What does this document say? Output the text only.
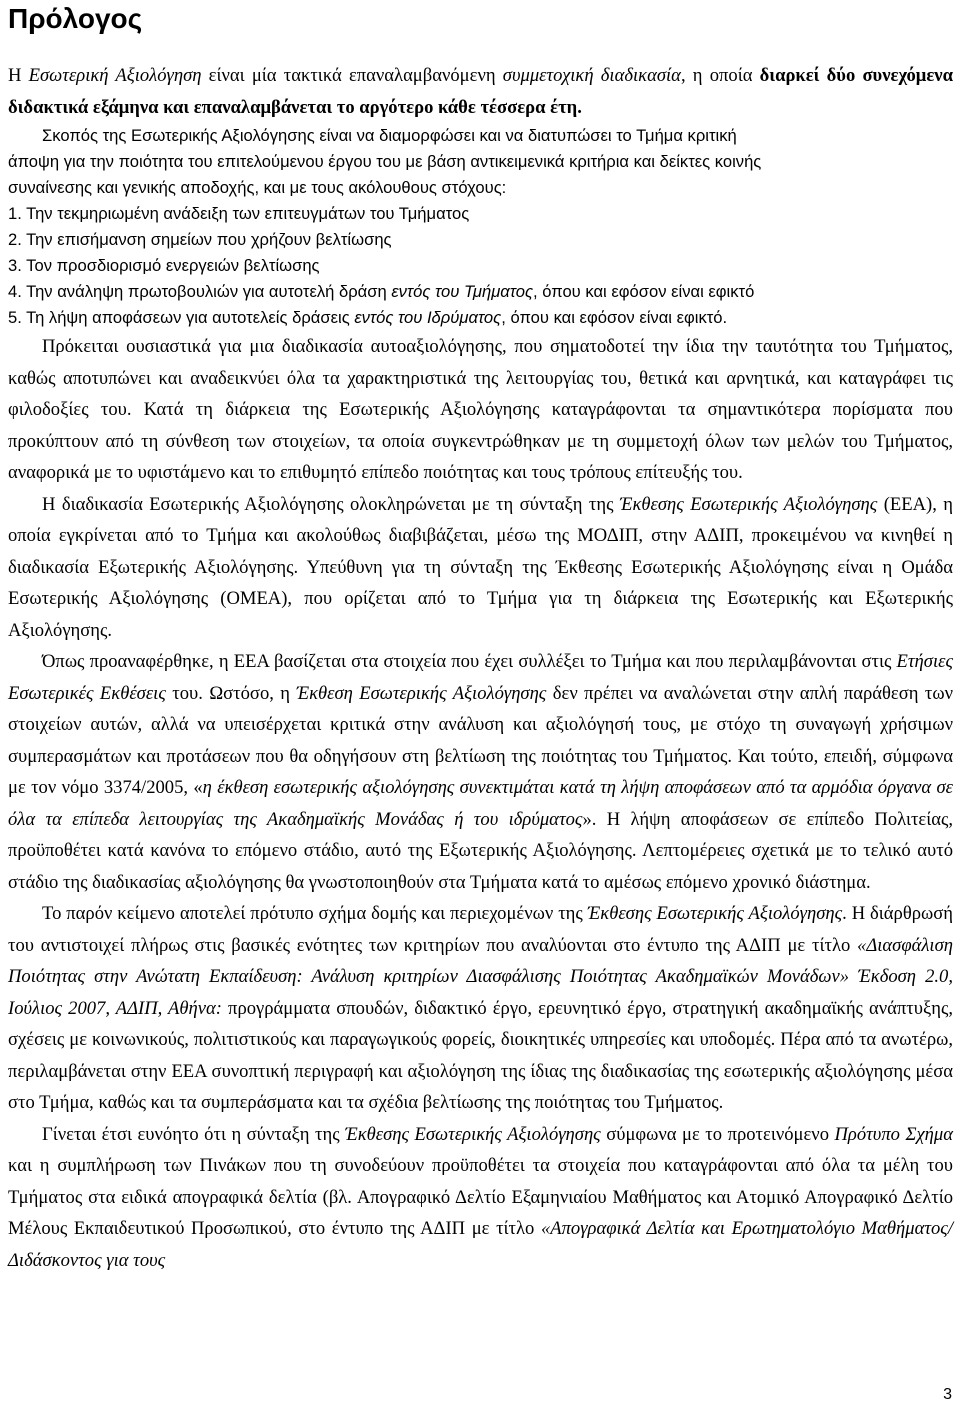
Πρόλογος

Η Εσωτερική Αξιολόγηση είναι μία τακτικά επαναλαμβανόμενη συμμετοχική διαδικασία, η οποία διαρκεί δύο συνεχόμενα διδακτικά εξάμηνα και επαναλαμβάνεται το αργότερο κάθε τέσσερα έτη.

Σκοπός της Εσωτερικής Αξιολόγησης είναι να διαμορφώσει και να διατυπώσει το Τμήμα κριτική

άποψη για την ποιότητα του επιτελούμενου έργου του με βάση αντικειμενικά κριτήρια και δείκτες κοινής

συναίνεσης και γενικής αποδοχής, και με τους ακόλουθους στόχους:

1. Την τεκμηριωμένη ανάδειξη των επιτευγμάτων του Τμήματος

2. Την επισήμανση σημείων που χρήζουν βελτίωσης

3. Τον προσδιορισμό ενεργειών βελτίωσης

4. Την ανάληψη πρωτοβουλιών για αυτοτελή δράση εντός του Τμήματος, όπου και εφόσον είναι εφικτό

5. Τη λήψη αποφάσεων για αυτοτελείς δράσεις εντός του Ιδρύματος, όπου και εφόσον είναι εφικτό.

Πρόκειται ουσιαστικά για μια διαδικασία αυτοαξιολόγησης, που σηματοδοτεί την ίδια την ταυτότητα του Τμήματος, καθώς αποτυπώνει και αναδεικνύει όλα τα χαρακτηριστικά της λειτουργίας του, θετικά και αρνητικά, και καταγράφει τις φιλοδοξίες του. Κατά τη διάρκεια της Εσωτερικής Αξιολόγησης καταγράφονται τα σημαντικότερα πορίσματα που προκύπτουν από τη σύνθεση των στοιχείων, τα οποία συγκεντρώθηκαν με τη συμμετοχή όλων των μελών του Τμήματος, αναφορικά με το υφιστάμενο και το επιθυμητό επίπεδο ποιότητας και τους τρόπους επίτευξής του.

Η διαδικασία Εσωτερικής Αξιολόγησης ολοκληρώνεται με τη σύνταξη της Έκθεσης Εσωτερικής Αξιολόγησης (ΕΕΑ), η οποία εγκρίνεται από το Τμήμα και ακολούθως διαβιβάζεται, μέσω της ΜΟΔΙΠ, στην ΑΔΙΠ, προκειμένου να κινηθεί η διαδικασία Εξωτερικής Αξιολόγησης. Υπεύθυνη για τη σύνταξη της Έκθεσης Εσωτερικής Αξιολόγησης είναι η Ομάδα Εσωτερικής Αξιολόγησης (ΟΜΕΑ), που ορίζεται από το Τμήμα για τη διάρκεια της Εσωτερικής και Εξωτερικής Αξιολόγησης.

Όπως προαναφέρθηκε, η ΕΕΑ βασίζεται στα στοιχεία που έχει συλλέξει το Τμήμα και που περιλαμβάνονται στις Ετήσιες Εσωτερικές Εκθέσεις του. Ωστόσο, η Έκθεση Εσωτερικής Αξιολόγησης δεν πρέπει να αναλώνεται στην απλή παράθεση των στοιχείων αυτών, αλλά να υπεισέρχεται κριτικά στην ανάλυση και αξιολόγησή τους, με στόχο τη συναγωγή χρήσιμων συμπερασμάτων και προτάσεων που θα οδηγήσουν στη βελτίωση της ποιότητας του Τμήματος. Και τούτο, επειδή, σύμφωνα με τον νόμο 3374/2005, «η έκθεση εσωτερικής αξιολόγησης συνεκτιμάται κατά τη λήψη αποφάσεων από τα αρμόδια όργανα σε όλα τα επίπεδα λειτουργίας της Ακαδημαϊκής Μονάδας ή του ιδρύματος». Η λήψη αποφάσεων σε επίπεδο Πολιτείας, προϋποθέτει κατά κανόνα το επόμενο στάδιο, αυτό της Εξωτερικής Αξιολόγησης. Λεπτομέρειες σχετικά με το τελικό αυτό στάδιο της διαδικασίας αξιολόγησης θα γνωστοποιηθούν στα Τμήματα κατά το αμέσως επόμενο χρονικό διάστημα.

Το παρόν κείμενο αποτελεί πρότυπο σχήμα δομής και περιεχομένων της Έκθεσης Εσωτερικής Αξιολόγησης. Η διάρθρωσή του αντιστοιχεί πλήρως στις βασικές ενότητες των κριτηρίων που αναλύονται στο έντυπο της ΑΔΙΠ με τίτλο «Διασφάλιση Ποιότητας στην Ανώτατη Εκπαίδευση: Ανάλυση κριτηρίων Διασφάλισης Ποιότητας Ακαδημαϊκών Μονάδων» Έκδοση 2.0, Ιούλιος 2007, ΑΔΙΠ, Αθήνα: προγράμματα σπουδών, διδακτικό έργο, ερευνητικό έργο, στρατηγική ακαδημαϊκής ανάπτυξης, σχέσεις με κοινωνικούς, πολιτιστικούς και παραγωγικούς φορείς, διοικητικές υπηρεσίες και υποδομές. Πέρα από τα ανωτέρω, περιλαμβάνεται στην ΕΕΑ συνοπτική περιγραφή και αξιολόγηση της ίδιας της διαδικασίας της εσωτερικής αξιολόγησης μέσα στο Τμήμα, καθώς και τα συμπεράσματα και τα σχέδια βελτίωσης της ποιότητας του Τμήματος.

Γίνεται έτσι ευνόητο ότι η σύνταξη της Έκθεσης Εσωτερικής Αξιολόγησης σύμφωνα με το προτεινόμενο Πρότυπο Σχήμα και η συμπλήρωση των Πινάκων που τη συνοδεύουν προϋποθέτει τα στοιχεία που καταγράφονται από όλα τα μέλη του Τμήματος στα ειδικά απογραφικά δελτία (βλ. Απογραφικό Δελτίο Εξαμηνιαίου Μαθήματος και Ατομικό Απογραφικό Δελτίο Μέλους Εκπαιδευτικού Προσωπικού, στο έντυπο της ΑΔΙΠ με τίτλο «Απογραφικά Δελτία και Ερωτηματολόγιο Μαθήματος/Διδάσκοντος για τους

3
